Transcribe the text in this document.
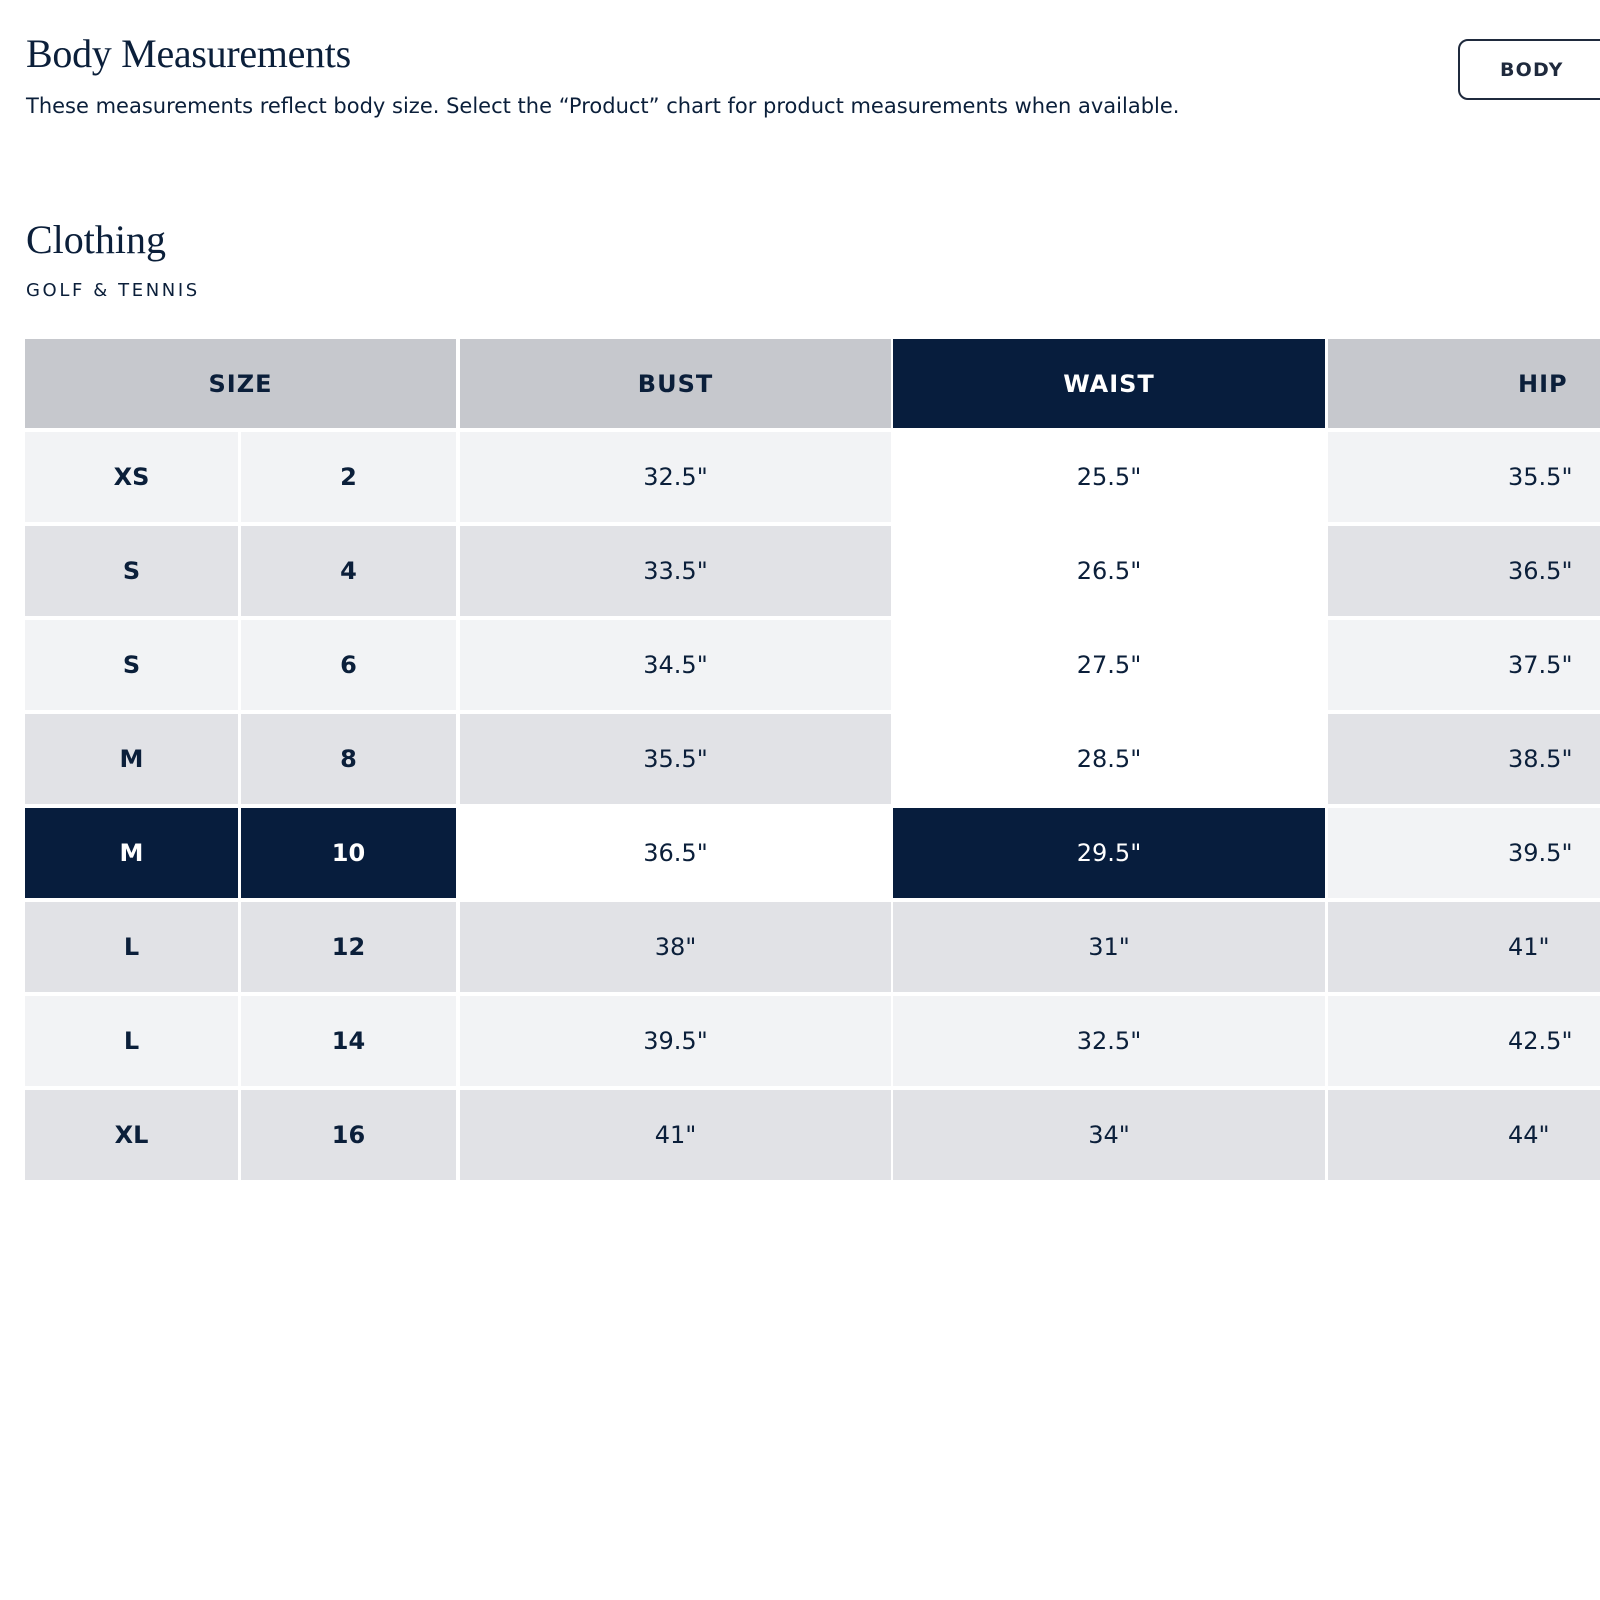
Body Measurements

These measurements reflect body size. Select the “Product” chart for product measurements when available.

BODY
Clothing
GOLF & TENNIS
SIZE	BUST	WAIST	HIP
XS	2	32.5"	25.5"	35.5"
S	4	33.5"	26.5"	36.5"
S	6	34.5"	27.5"	37.5"
M	8	35.5"	28.5"	38.5"
M	10	36.5"	29.5"	39.5"
L	12	38"	31"	41"
L	14	39.5"	32.5"	42.5"
XL	16	41"	34"	44"
